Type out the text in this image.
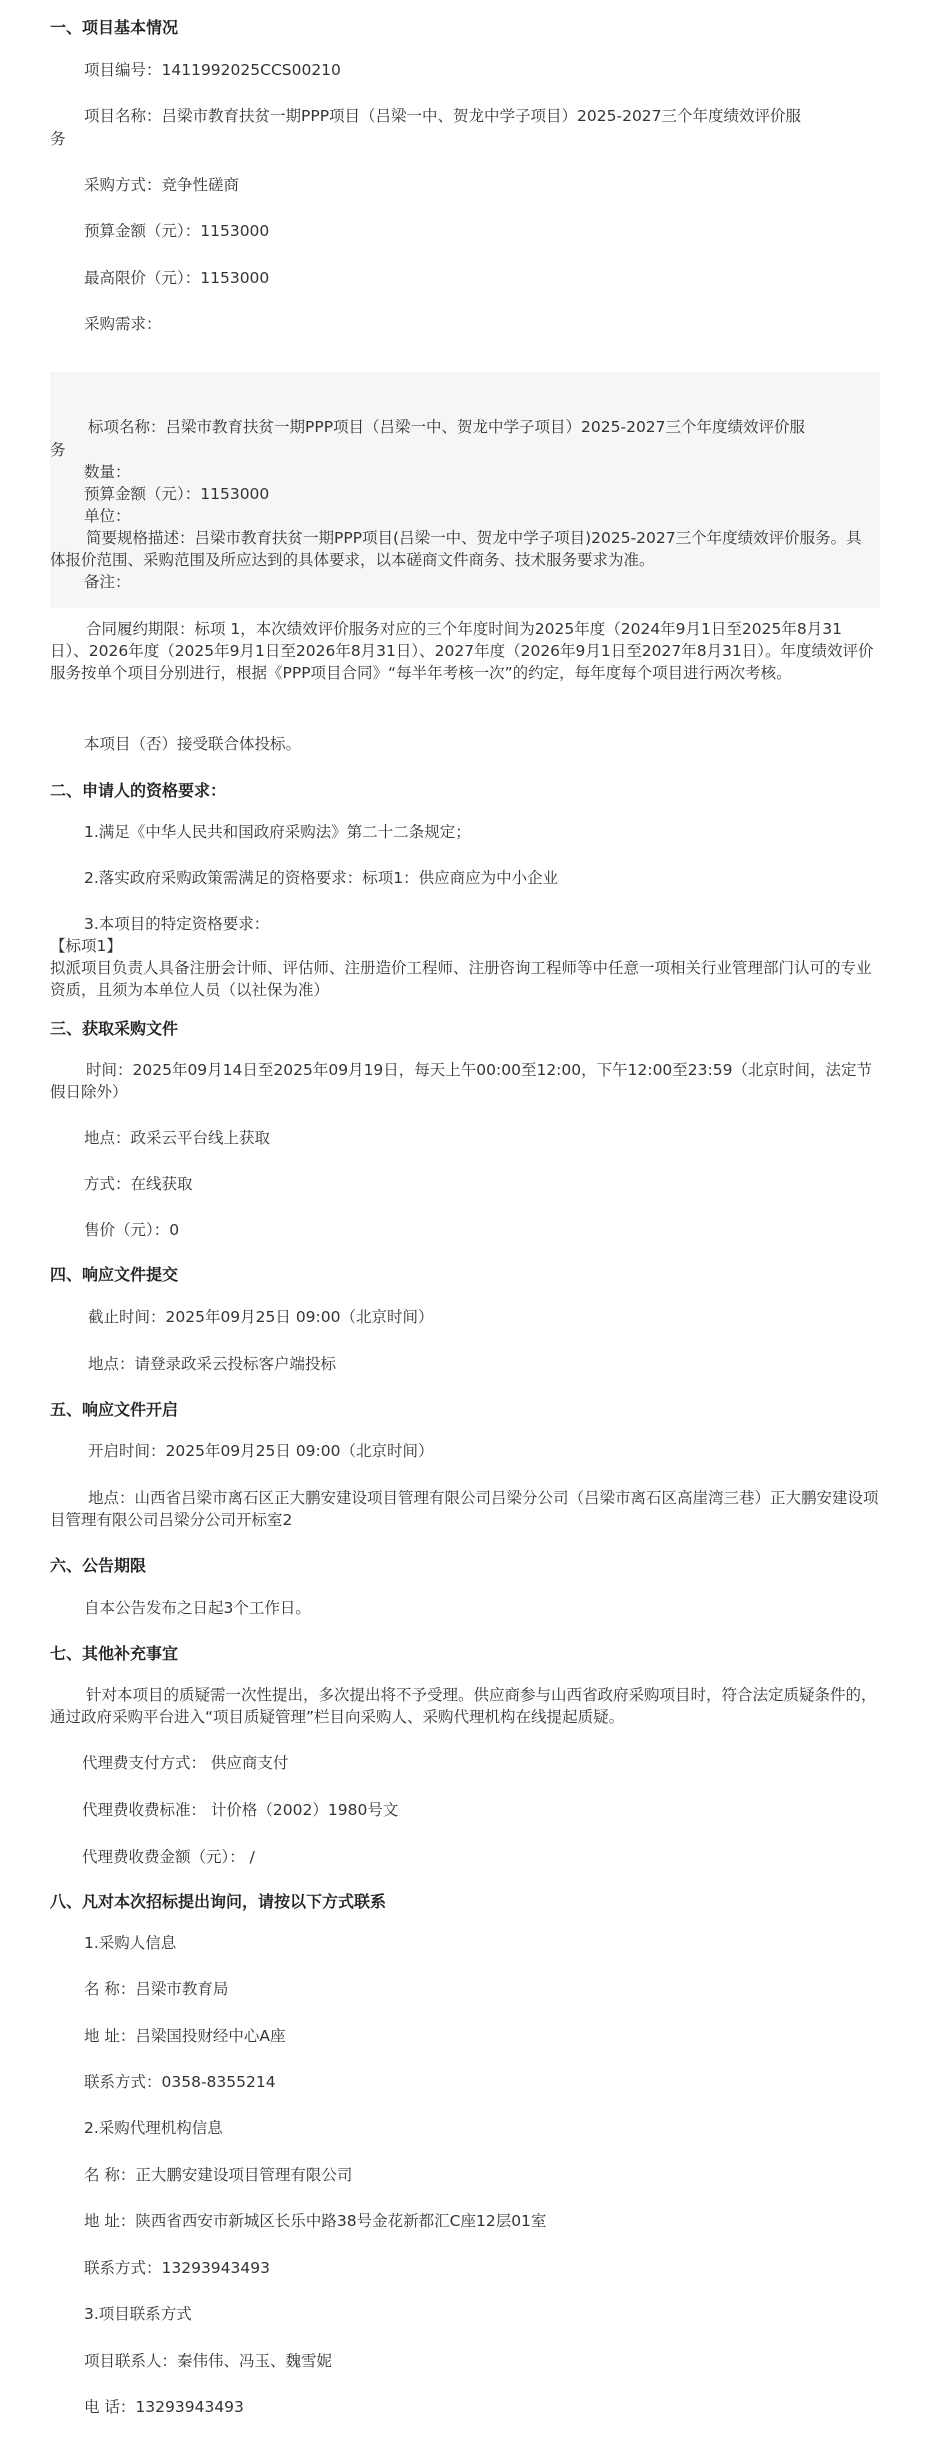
一、项目基本情况
项目编号：1411992025CCS00210
项目名称：吕梁市教育扶贫一期PPP项目（吕梁一中、贺龙中学子项目）2025-2027三个年度绩效评价服
务
采购方式：竞争性磋商
预算金额（元）：1153000
最高限价（元）：1153000
采购需求：
标项名称：吕梁市教育扶贫一期PPP项目（吕梁一中、贺龙中学子项目）2025-2027三个年度绩效评价服
务
数量：
预算金额（元）：1153000
单位：
简要规格描述：吕梁市教育扶贫一期PPP项目(吕梁一中、贺龙中学子项目)2025-2027三个年度绩效评价服务。具体报价范围、采购范围及所应达到的具体要求，以本磋商文件商务、技术服务要求为准。
备注：
合同履约期限：标项 1，本次绩效评价服务对应的三个年度时间为2025年度（2024年9月1日至2025年8月31日）、2026年度（2025年9月1日至2026年8月31日）、2027年度（2026年9月1日至2027年8月31日）。年度绩效评价服务按单个项目分别进行，根据《PPP项目合同》“每半年考核一次”的约定，每年度每个项目进行两次考核。
本项目（否）接受联合体投标。
二、申请人的资格要求：
1.满足《中华人民共和国政府采购法》第二十二条规定；
2.落实政府采购政策需满足的资格要求：标项1：供应商应为中小企业
3.本项目的特定资格要求：
【标项1】
拟派项目负责人具备注册会计师、评估师、注册造价工程师、注册咨询工程师等中任意一项相关行业管理部门认可的专业资质，且须为本单位人员（以社保为准）
三、获取采购文件
时间：2025年09月14日至2025年09月19日，每天上午00:00至12:00，下午12:00至23:59（北京时间，法定节假日除外）
地点：政采云平台线上获取
方式：在线获取
售价（元）：0
四、响应文件提交
截止时间：2025年09月25日 09:00（北京时间）
地点：请登录政采云投标客户端投标
五、响应文件开启
开启时间：2025年09月25日 09:00（北京时间）
地点：山西省吕梁市离石区正大鹏安建设项目管理有限公司吕梁分公司（吕梁市离石区高崖湾三巷）正大鹏安建设项目管理有限公司吕梁分公司开标室2
六、公告期限
自本公告发布之日起3个工作日。
七、其他补充事宜
针对本项目的质疑需一次性提出，多次提出将不予受理。供应商参与山西省政府采购项目时，符合法定质疑条件的，通过政府采购平台进入“项目质疑管理”栏目向采购人、采购代理机构在线提起质疑。
代理费支付方式： 供应商支付
代理费收费标准： 计价格（2002）1980号文
代理费收费金额（元）： /
八、凡对本次招标提出询问，请按以下方式联系
1.采购人信息
名 称：吕梁市教育局
地 址：吕梁国投财经中心A座
联系方式：0358-8355214
2.采购代理机构信息
名 称：正大鹏安建设项目管理有限公司
地 址：陕西省西安市新城区长乐中路38号金花新都汇C座12层01室
联系方式：13293943493
3.项目联系方式
项目联系人：秦伟伟、冯玉、魏雪妮
电 话：13293943493
